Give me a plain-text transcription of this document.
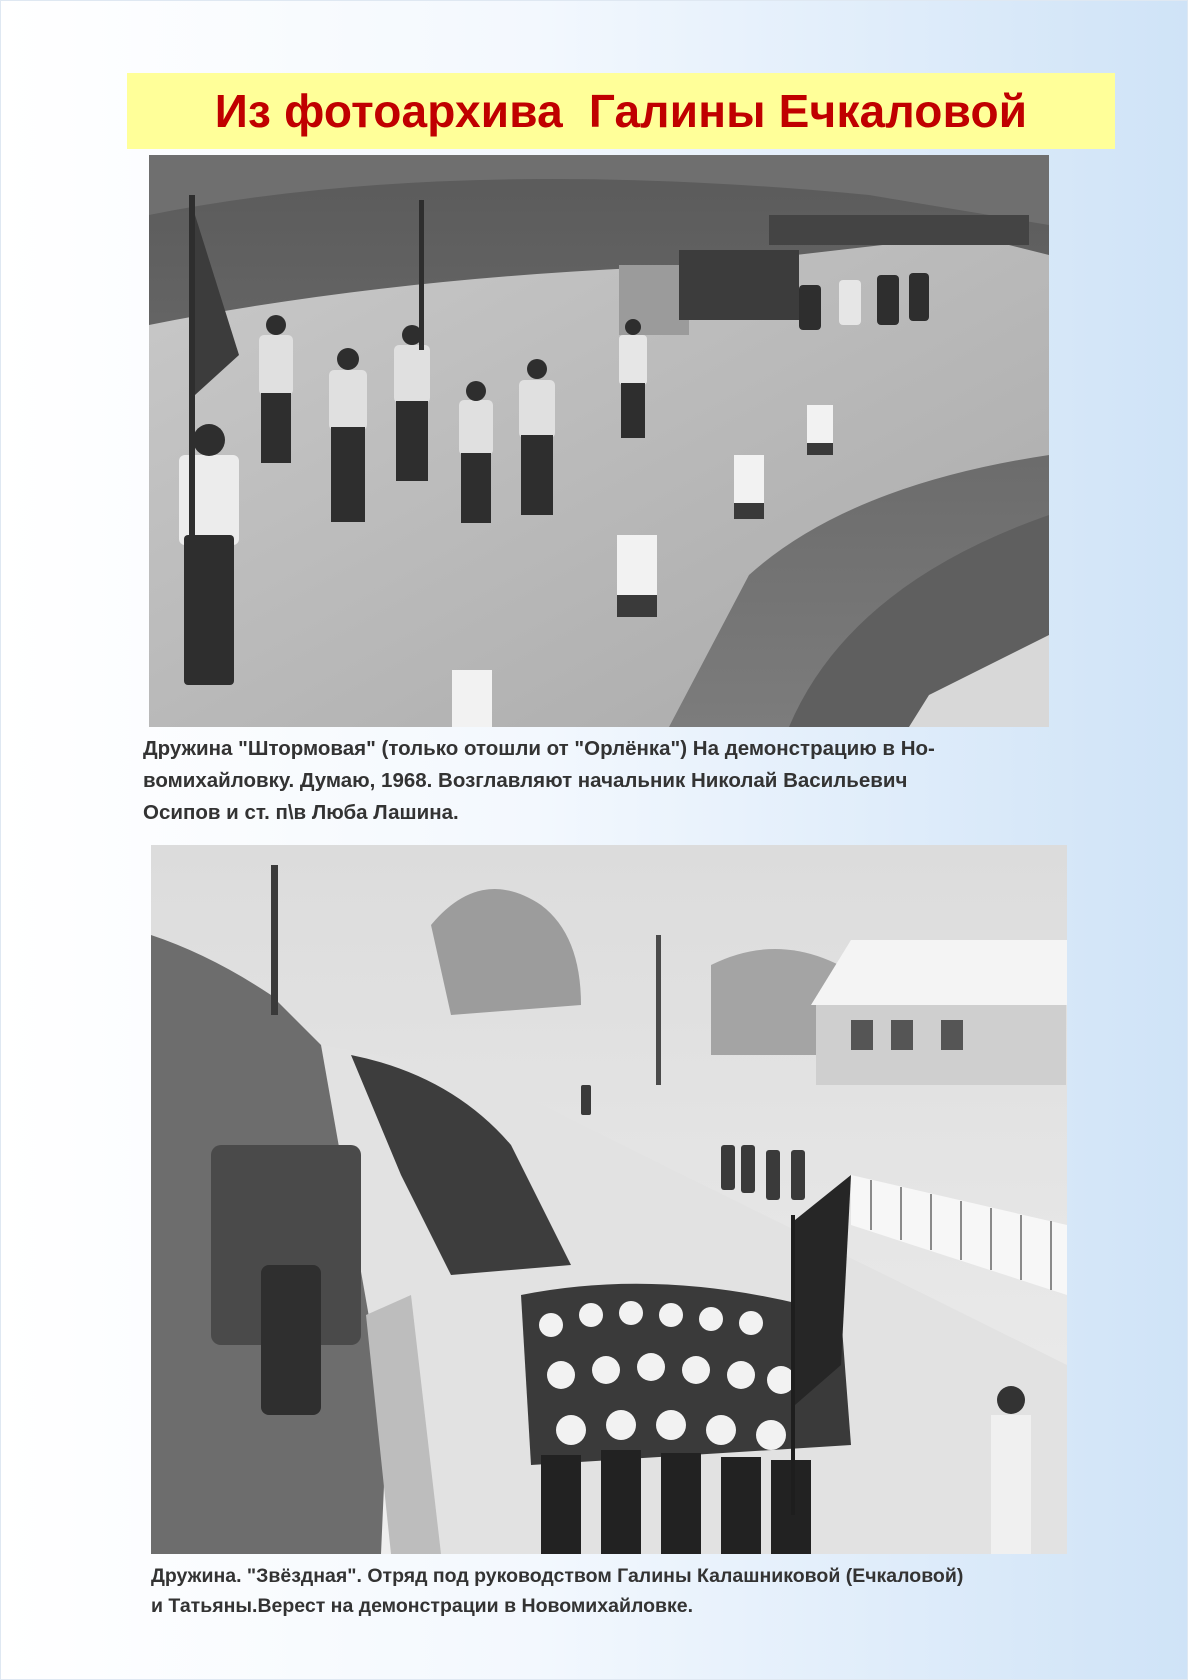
Из фотоархива  Галины Ечкаловой
Дружина "Штормовая" (только отошли от "Орлёнка") На демонстрацию в Но-
вомихайловку. Думаю, 1968. Возглавляют начальник Николай Васильевич
Осипов и ст. п\в Люба Лашина.
Дружина. "Звёздная". Отряд под руководством Галины Калашниковой (Ечкаловой)
и Татьяны.Верест на демонстрации в Новомихайловке.
